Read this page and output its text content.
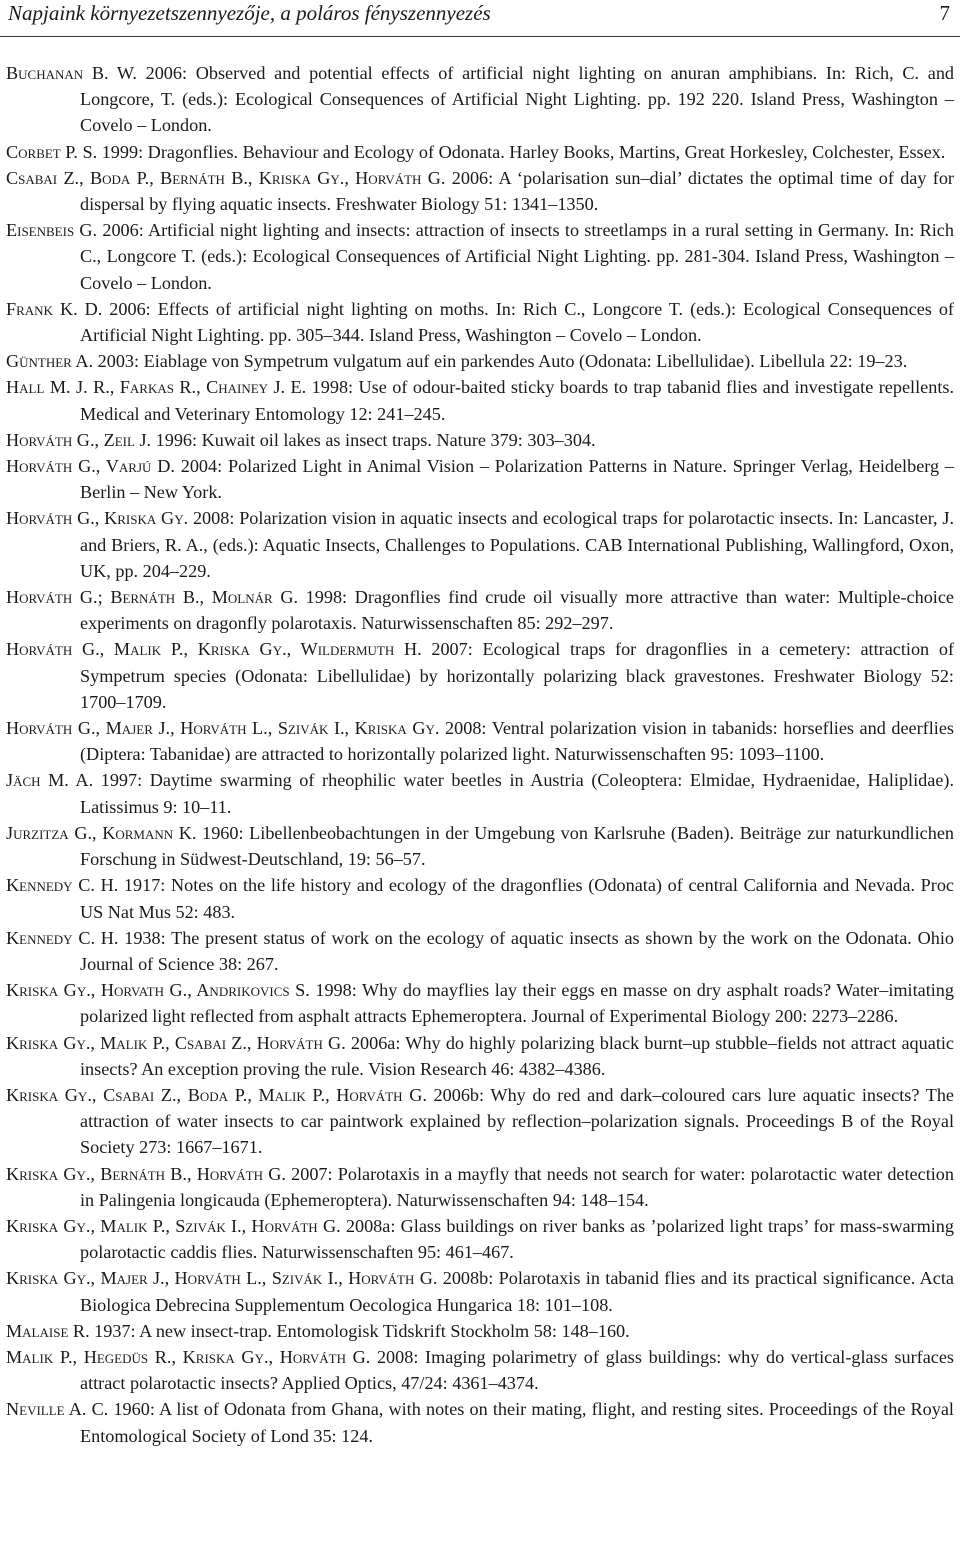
Napjaink környezetszennyezője, a poláros fényszennyezés	7
Buchanan B. W. 2006: Observed and potential effects of artificial night lighting on anuran amphibians. In: Rich, C. and Longcore, T. (eds.): Ecological Consequences of Artificial Night Lighting. pp. 192 220. Island Press, Washington – Covelo – London.
Corbet P. S. 1999: Dragonflies. Behaviour and Ecology of Odonata. Harley Books, Martins, Great Horkesley, Colchester, Essex.
Csabai Z., Boda P., Bernáth B., Kriska Gy., Horváth G. 2006: A ‘polarisation sun–dial’ dictates the optimal time of day for dispersal by flying aquatic insects. Freshwater Biology 51: 1341–1350.
Eisenbeis G. 2006: Artificial night lighting and insects: attraction of insects to streetlamps in a rural setting in Germany. In: Rich C., Longcore T. (eds.): Ecological Consequences of Artificial Night Lighting. pp. 281-304. Island Press, Washington – Covelo – London.
Frank K. D. 2006: Effects of artificial night lighting on moths. In: Rich C., Longcore T. (eds.): Ecological Consequences of Artificial Night Lighting. pp. 305–344. Island Press, Washington – Covelo – London.
Günther A. 2003: Eiablage von Sympetrum vulgatum auf ein parkendes Auto (Odonata: Libellulidae). Libellula 22: 19–23.
Hall M. J. R., Farkas R., Chainey J. E. 1998: Use of odour-baited sticky boards to trap tabanid flies and investigate repellents. Medical and Veterinary Entomology 12: 241–245.
Horváth G., Zeil J. 1996: Kuwait oil lakes as insect traps. Nature 379: 303–304.
Horváth G., Varjú D. 2004: Polarized Light in Animal Vision – Polarization Patterns in Nature. Springer Verlag, Heidelberg – Berlin – New York.
Horváth G., Kriska Gy. 2008: Polarization vision in aquatic insects and ecological traps for polarotactic insects. In: Lancaster, J. and Briers, R. A., (eds.): Aquatic Insects, Challenges to Populations. CAB International Publishing, Wallingford, Oxon, UK, pp. 204–229.
Horváth G.; Bernáth B., Molnár G. 1998: Dragonflies find crude oil visually more attractive than water: Multiple-choice experiments on dragonfly polarotaxis. Naturwissenschaften 85: 292–297.
Horváth G., Malik P., Kriska Gy., Wildermuth H. 2007: Ecological traps for dragonflies in a cemetery: attraction of Sympetrum species (Odonata: Libellulidae) by horizontally polarizing black gravestones. Freshwater Biology 52: 1700–1709.
Horváth G., Majer J., Horváth L., Szivák I., Kriska Gy. 2008: Ventral polarization vision in tabanids: horseflies and deerflies (Diptera: Tabanidae) are attracted to horizontally polarized light. Naturwissenschaften 95: 1093–1100.
Jäch M. A. 1997: Daytime swarming of rheophilic water beetles in Austria (Coleoptera: Elmidae, Hydraenidae, Haliplidae). Latissimus 9: 10–11.
Jurzitza G., Kormann K. 1960: Libellenbeobachtungen in der Umgebung von Karlsruhe (Baden). Beiträge zur naturkundlichen Forschung in Südwest-Deutschland, 19: 56–57.
Kennedy C. H. 1917: Notes on the life history and ecology of the dragonflies (Odonata) of central California and Nevada. Proc US Nat Mus 52: 483.
Kennedy C. H. 1938: The present status of work on the ecology of aquatic insects as shown by the work on the Odonata. Ohio Journal of Science 38: 267.
Kriska Gy., Horvath G., Andrikovics S. 1998: Why do mayflies lay their eggs en masse on dry asphalt roads? Water–imitating polarized light reflected from asphalt attracts Ephemeroptera. Journal of Experimental Biology 200: 2273–2286.
Kriska Gy., Malik P., Csabai Z., Horváth G. 2006a: Why do highly polarizing black burnt–up stubble–fields not attract aquatic insects? An exception proving the rule. Vision Research 46: 4382–4386.
Kriska Gy., Csabai Z., Boda P., Malik P., Horváth G. 2006b: Why do red and dark–coloured cars lure aquatic insects? The attraction of water insects to car paintwork explained by reflection–polarization signals. Proceedings B of the Royal Society 273: 1667–1671.
Kriska Gy., Bernáth B., Horváth G. 2007: Polarotaxis in a mayfly that needs not search for water: polarotactic water detection in Palingenia longicauda (Ephemeroptera). Naturwissenschaften 94: 148–154.
Kriska Gy., Malik P., Szivák I., Horváth G. 2008a: Glass buildings on river banks as ’polarized light traps’ for mass-swarming polarotactic caddis flies. Naturwissenschaften 95: 461–467.
Kriska Gy., Majer J., Horváth L., Szivák I., Horváth G. 2008b: Polarotaxis in tabanid flies and its practical significance. Acta Biologica Debrecina Supplementum Oecologica Hungarica 18: 101–108.
Malaise R. 1937: A new insect-trap. Entomologisk Tidskrift Stockholm 58: 148–160.
Malik P., Hegedüs R., Kriska Gy., Horváth G. 2008: Imaging polarimetry of glass buildings: why do vertical-glass surfaces attract polarotactic insects? Applied Optics, 47/24: 4361–4374.
Neville A. C. 1960: A list of Odonata from Ghana, with notes on their mating, flight, and resting sites. Proceedings of the Royal Entomological Society of Lond 35: 124.
